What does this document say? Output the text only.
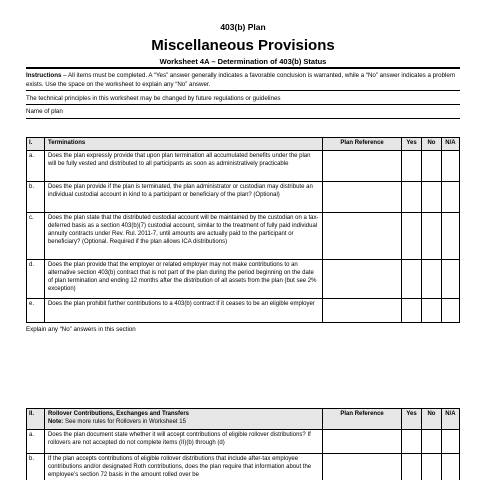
403(b) Plan
Miscellaneous Provisions
Worksheet 4A – Determination of 403(b) Status
Instructions – All items must be completed. A “Yes” answer generally indicates a favorable conclusion is warranted, while a “No” answer indicates a problem exists. Use the space on the worksheet to explain any “No” answer.
The technical principles in this worksheet may be changed by future regulations or guidelines
Name of plan
I.	Terminations	Plan Reference	Yes	No	N/A
a.	Does the plan expressly provide that upon plan termination all accumulated benefits under the plan will be fully vested and distributed to all participants as soon as administratively practicable				
b.	Does the plan provide if the plan is terminated, the plan administrator or custodian may distribute an individual custodial account in kind to a participant or beneficiary of the plan? (Optional)				
c.	Does the plan state that the distributed custodial account will be maintained by the custodian on a tax-deferred basis as a section 403(b)(7) custodial account, similar to the treatment of fully paid individual annuity contracts under Rev. Rul. 2011-7, until amounts are actually paid to the participant or beneficiary? (Optional. Required if the plan allows ICA distributions)				
d.	Does the plan provide that the employer or related employer may not make contributions to an alternative section 403(b) contract that is not part of the plan during the period beginning on the date of plan termination and ending 12 months after the distribution of all assets from the plan (but see 2% exception)				
e.	Does the plan prohibit further contributions to a 403(b) contract if it ceases to be an eligible employer				
Explain any “No” answers in this section
II.	Rollover Contributions, Exchanges and Transfers
Note: See more rules for Rollovers in Worksheet 15	Plan Reference	Yes	No	N/A
a.	Does the plan document state whether it will accept contributions of eligible rollover distributions? If rollovers are not accepted do not complete items (II)(b) through (d)				
b.	If the plan accepts contributions of eligible rollover distributions that include after-tax employee contributions and/or designated Roth contributions, does the plan require that information about the employee’s section 72 basis in the amount rolled over be				
